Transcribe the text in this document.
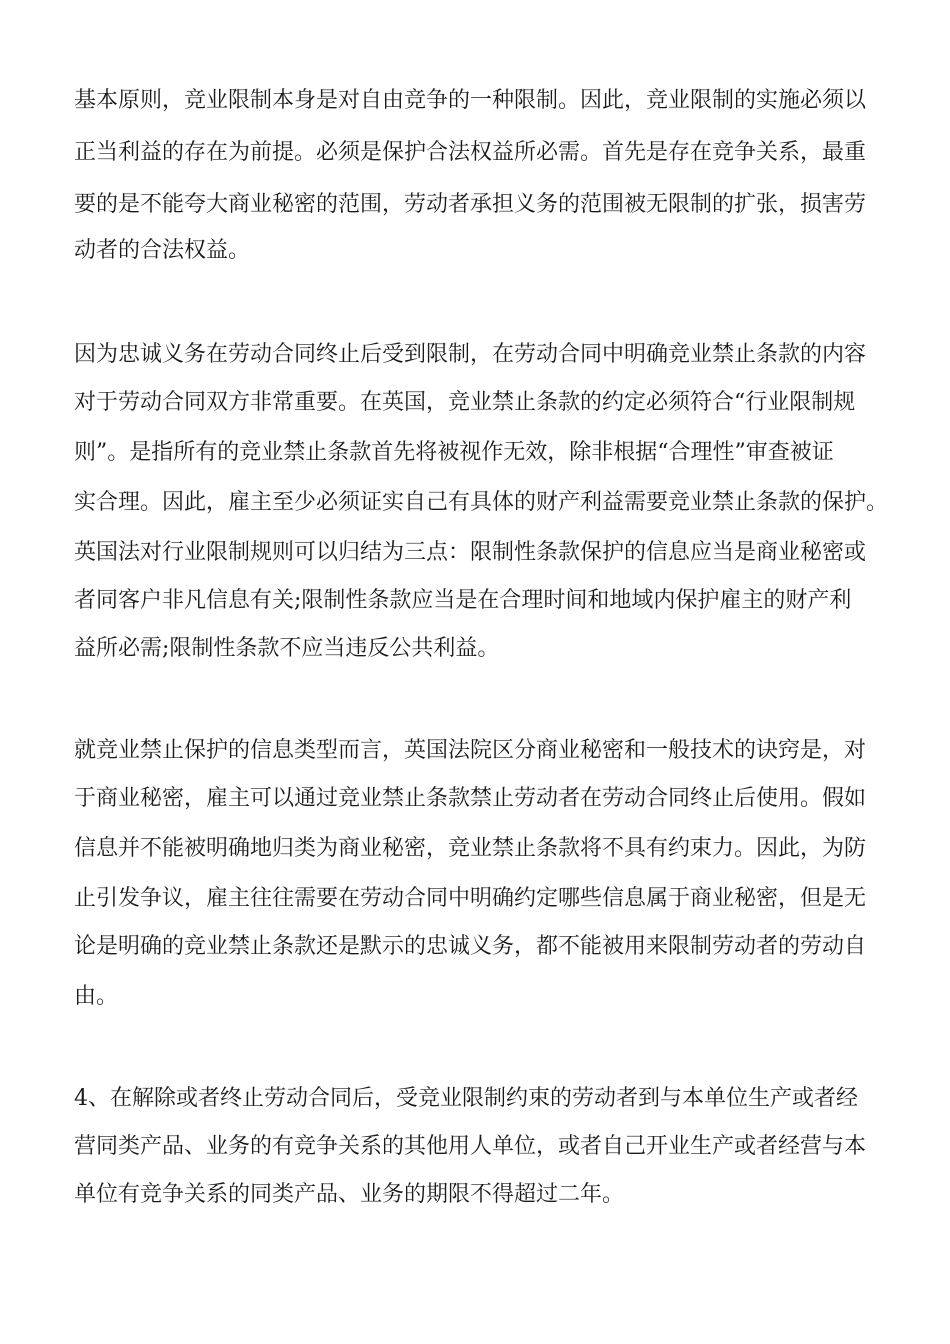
基本原则，竞业限制本身是对自由竞争的一种限制。因此，竞业限制的实施必须以

正当利益的存在为前提。必须是保护合法权益所必需。首先是存在竞争关系，最重

要的是不能夸大商业秘密的范围，劳动者承担义务的范围被无限制的扩张，损害劳

动者的合法权益。

因为忠诚义务在劳动合同终止后受到限制，在劳动合同中明确竞业禁止条款的内容

对于劳动合同双方非常重要。在英国，竞业禁止条款的约定必须符合“行业限制规

则”。是指所有的竞业禁止条款首先将被视作无效，除非根据“合理性”审查被证

实合理。因此，雇主至少必须证实自己有具体的财产利益需要竞业禁止条款的保护。

英国法对行业限制规则可以归结为三点：限制性条款保护的信息应当是商业秘密或

者同客户非凡信息有关;限制性条款应当是在合理时间和地域内保护雇主的财产利

益所必需;限制性条款不应当违反公共利益。

就竞业禁止保护的信息类型而言，英国法院区分商业秘密和一般技术的诀窍是，对

于商业秘密，雇主可以通过竞业禁止条款禁止劳动者在劳动合同终止后使用。假如

信息并不能被明确地归类为商业秘密，竞业禁止条款将不具有约束力。因此，为防

止引发争议，雇主往往需要在劳动合同中明确约定哪些信息属于商业秘密，但是无

论是明确的竞业禁止条款还是默示的忠诚义务，都不能被用来限制劳动者的劳动自

由。

4、在解除或者终止劳动合同后，受竞业限制约束的劳动者到与本单位生产或者经

营同类产品、业务的有竞争关系的其他用人单位，或者自己开业生产或者经营与本

单位有竞争关系的同类产品、业务的期限不得超过二年。
